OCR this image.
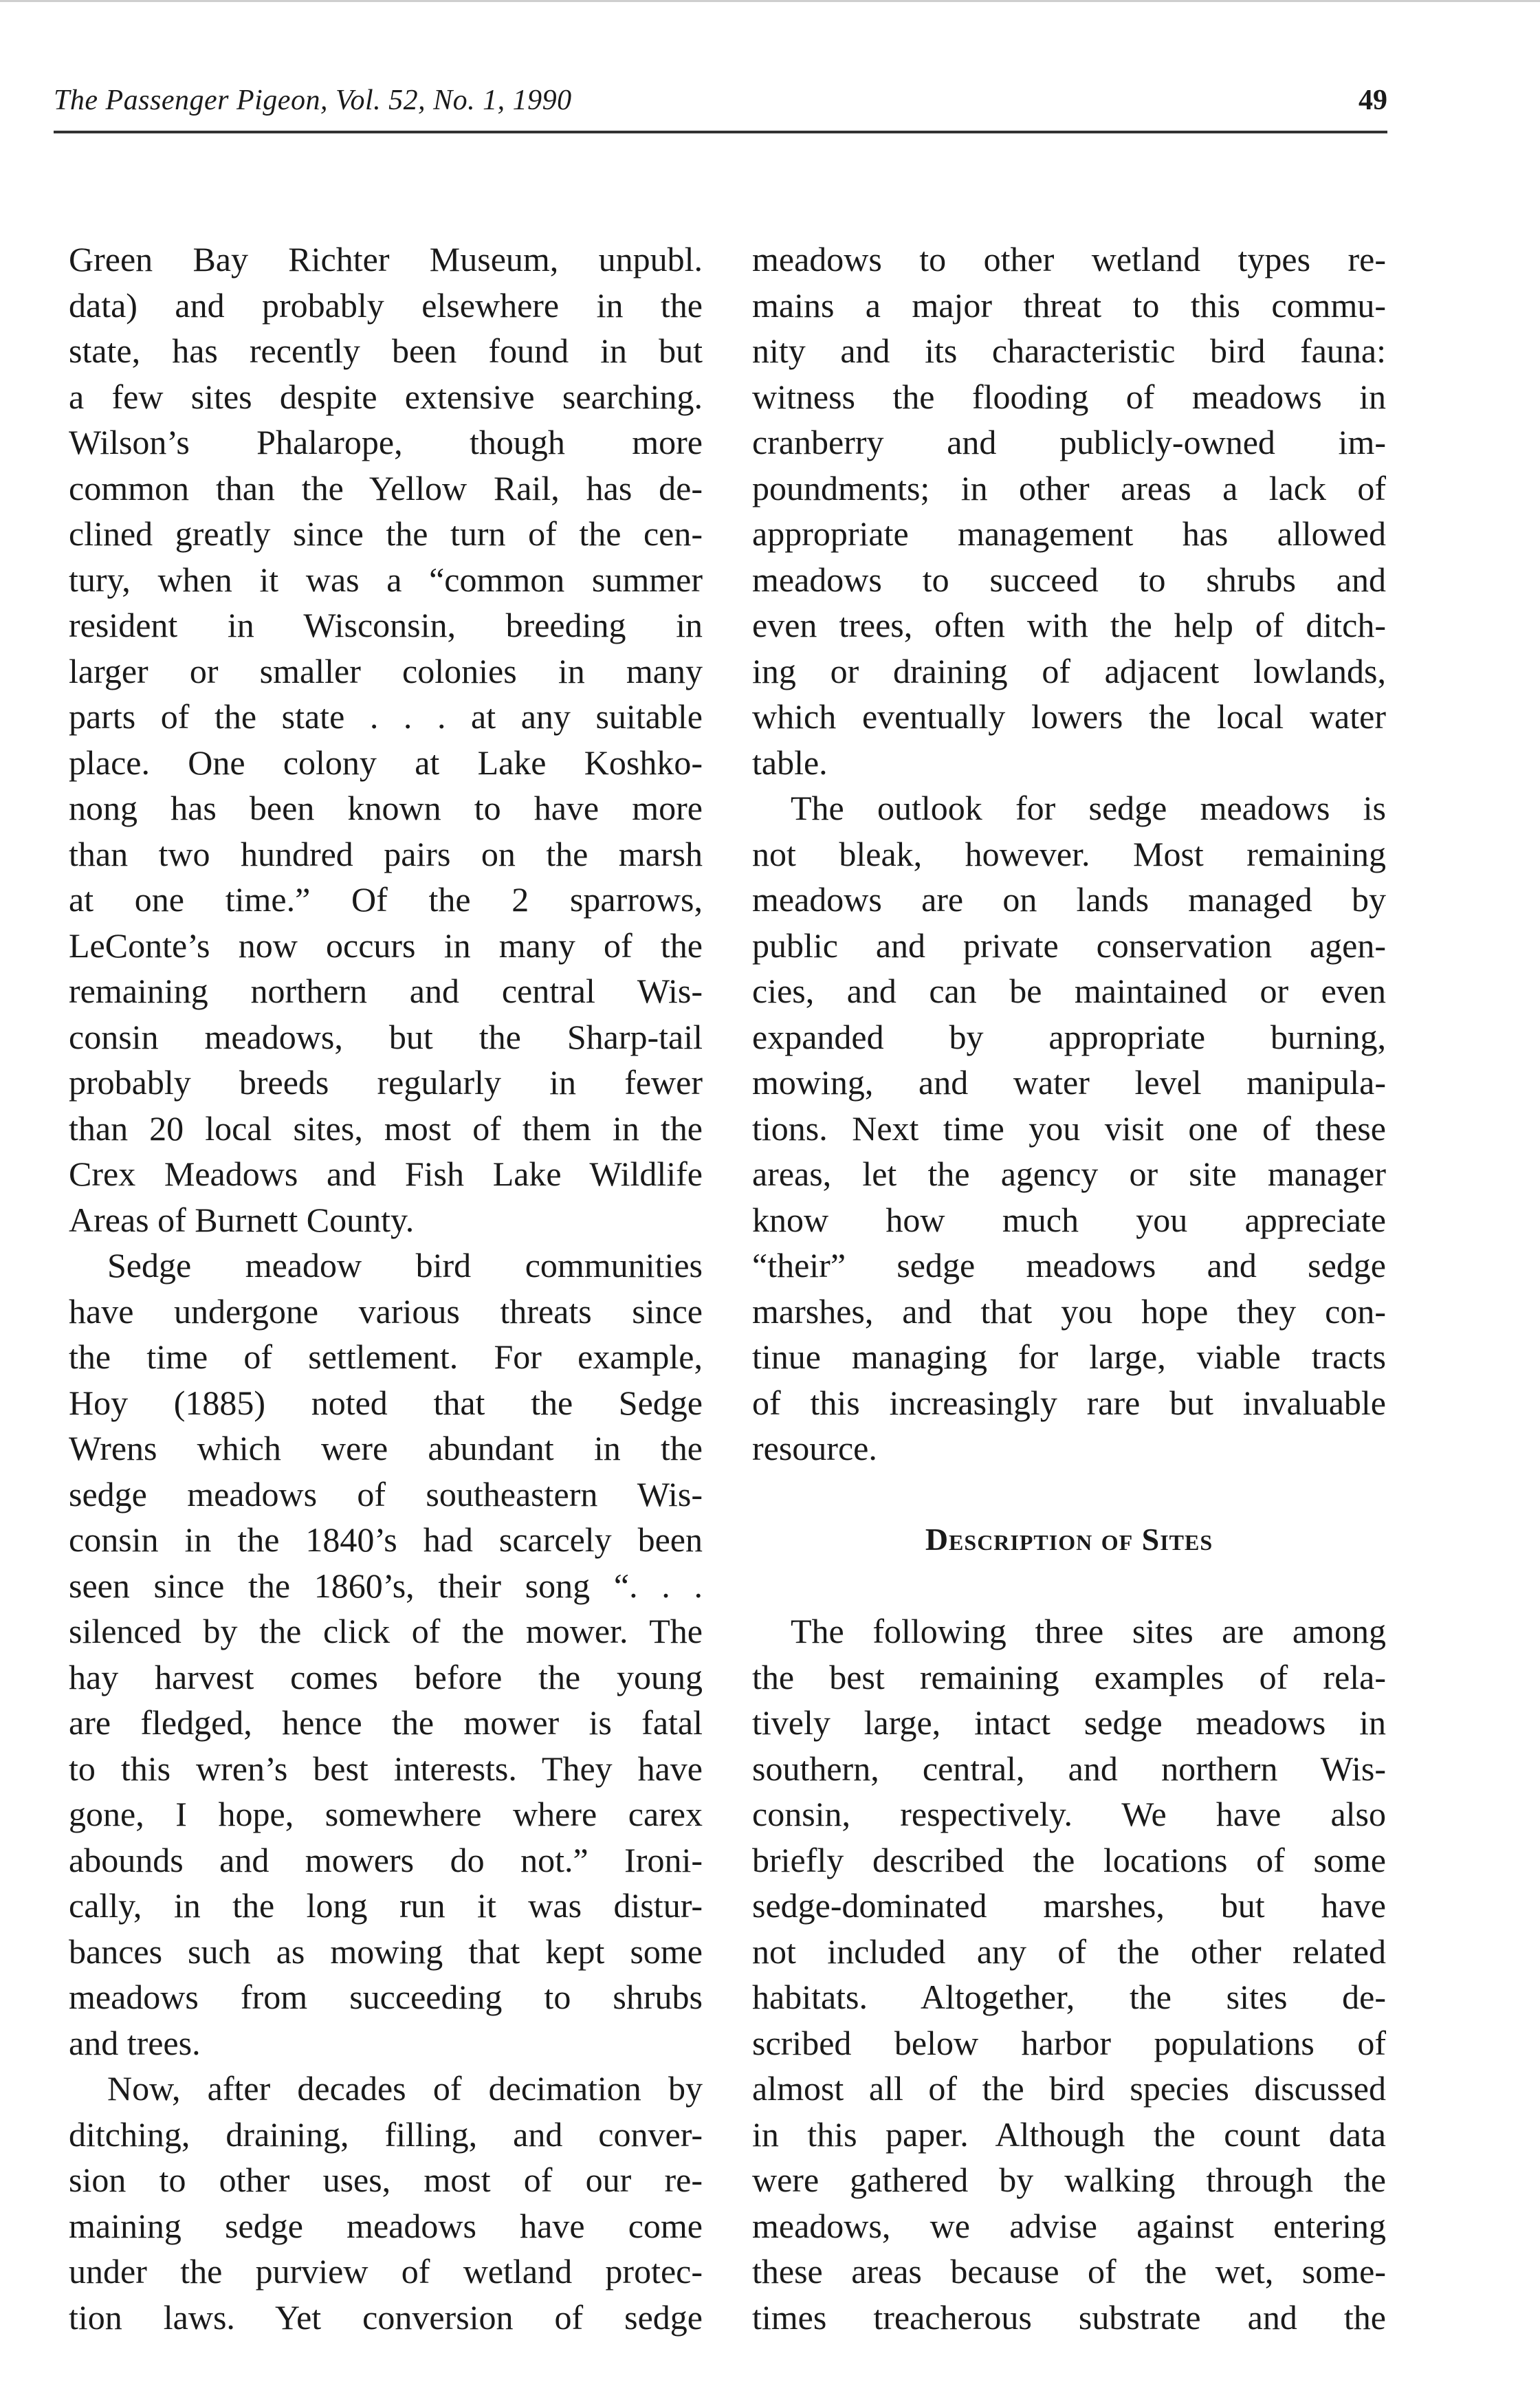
The Passenger Pigeon, Vol. 52, No. 1, 1990	49
Green Bay Richter Museum, unpubl.
data) and probably elsewhere in the
state, has recently been found in but
a few sites despite extensive searching.
Wilson’s Phalarope, though more
common than the Yellow Rail, has de-
clined greatly since the turn of the cen-
tury, when it was a “common summer
resident in Wisconsin, breeding in
larger or smaller colonies in many
parts of the state . . . at any suitable
place. One colony at Lake Koshko-
nong has been known to have more
than two hundred pairs on the marsh
at one time.” Of the 2 sparrows,
LeConte’s now occurs in many of the
remaining northern and central Wis-
consin meadows, but the Sharp-tail
probably breeds regularly in fewer
than 20 local sites, most of them in the
Crex Meadows and Fish Lake Wildlife
Areas of Burnett County.
Sedge meadow bird communities
have undergone various threats since
the time of settlement. For example,
Hoy (1885) noted that the Sedge
Wrens which were abundant in the
sedge meadows of southeastern Wis-
consin in the 1840’s had scarcely been
seen since the 1860’s, their song “. . .
silenced by the click of the mower. The
hay harvest comes before the young
are fledged, hence the mower is fatal
to this wren’s best interests. They have
gone, I hope, somewhere where carex
abounds and mowers do not.” Ironi-
cally, in the long run it was distur-
bances such as mowing that kept some
meadows from succeeding to shrubs
and trees.
Now, after decades of decimation by
ditching, draining, filling, and conver-
sion to other uses, most of our re-
maining sedge meadows have come
under the purview of wetland protec-
tion laws. Yet conversion of sedge
meadows to other wetland types re-
mains a major threat to this commu-
nity and its characteristic bird fauna:
witness the flooding of meadows in
cranberry and publicly-owned im-
poundments; in other areas a lack of
appropriate management has allowed
meadows to succeed to shrubs and
even trees, often with the help of ditch-
ing or draining of adjacent lowlands,
which eventually lowers the local water
table.
The outlook for sedge meadows is
not bleak, however. Most remaining
meadows are on lands managed by
public and private conservation agen-
cies, and can be maintained or even
expanded by appropriate burning,
mowing, and water level manipula-
tions. Next time you visit one of these
areas, let the agency or site manager
know how much you appreciate
“their” sedge meadows and sedge
marshes, and that you hope they con-
tinue managing for large, viable tracts
of this increasingly rare but invaluable
resource.
Description of Sites
The following three sites are among
the best remaining examples of rela-
tively large, intact sedge meadows in
southern, central, and northern Wis-
consin, respectively. We have also
briefly described the locations of some
sedge-dominated marshes, but have
not included any of the other related
habitats. Altogether, the sites de-
scribed below harbor populations of
almost all of the bird species discussed
in this paper. Although the count data
were gathered by walking through the
meadows, we advise against entering
these areas because of the wet, some-
times treacherous substrate and the
